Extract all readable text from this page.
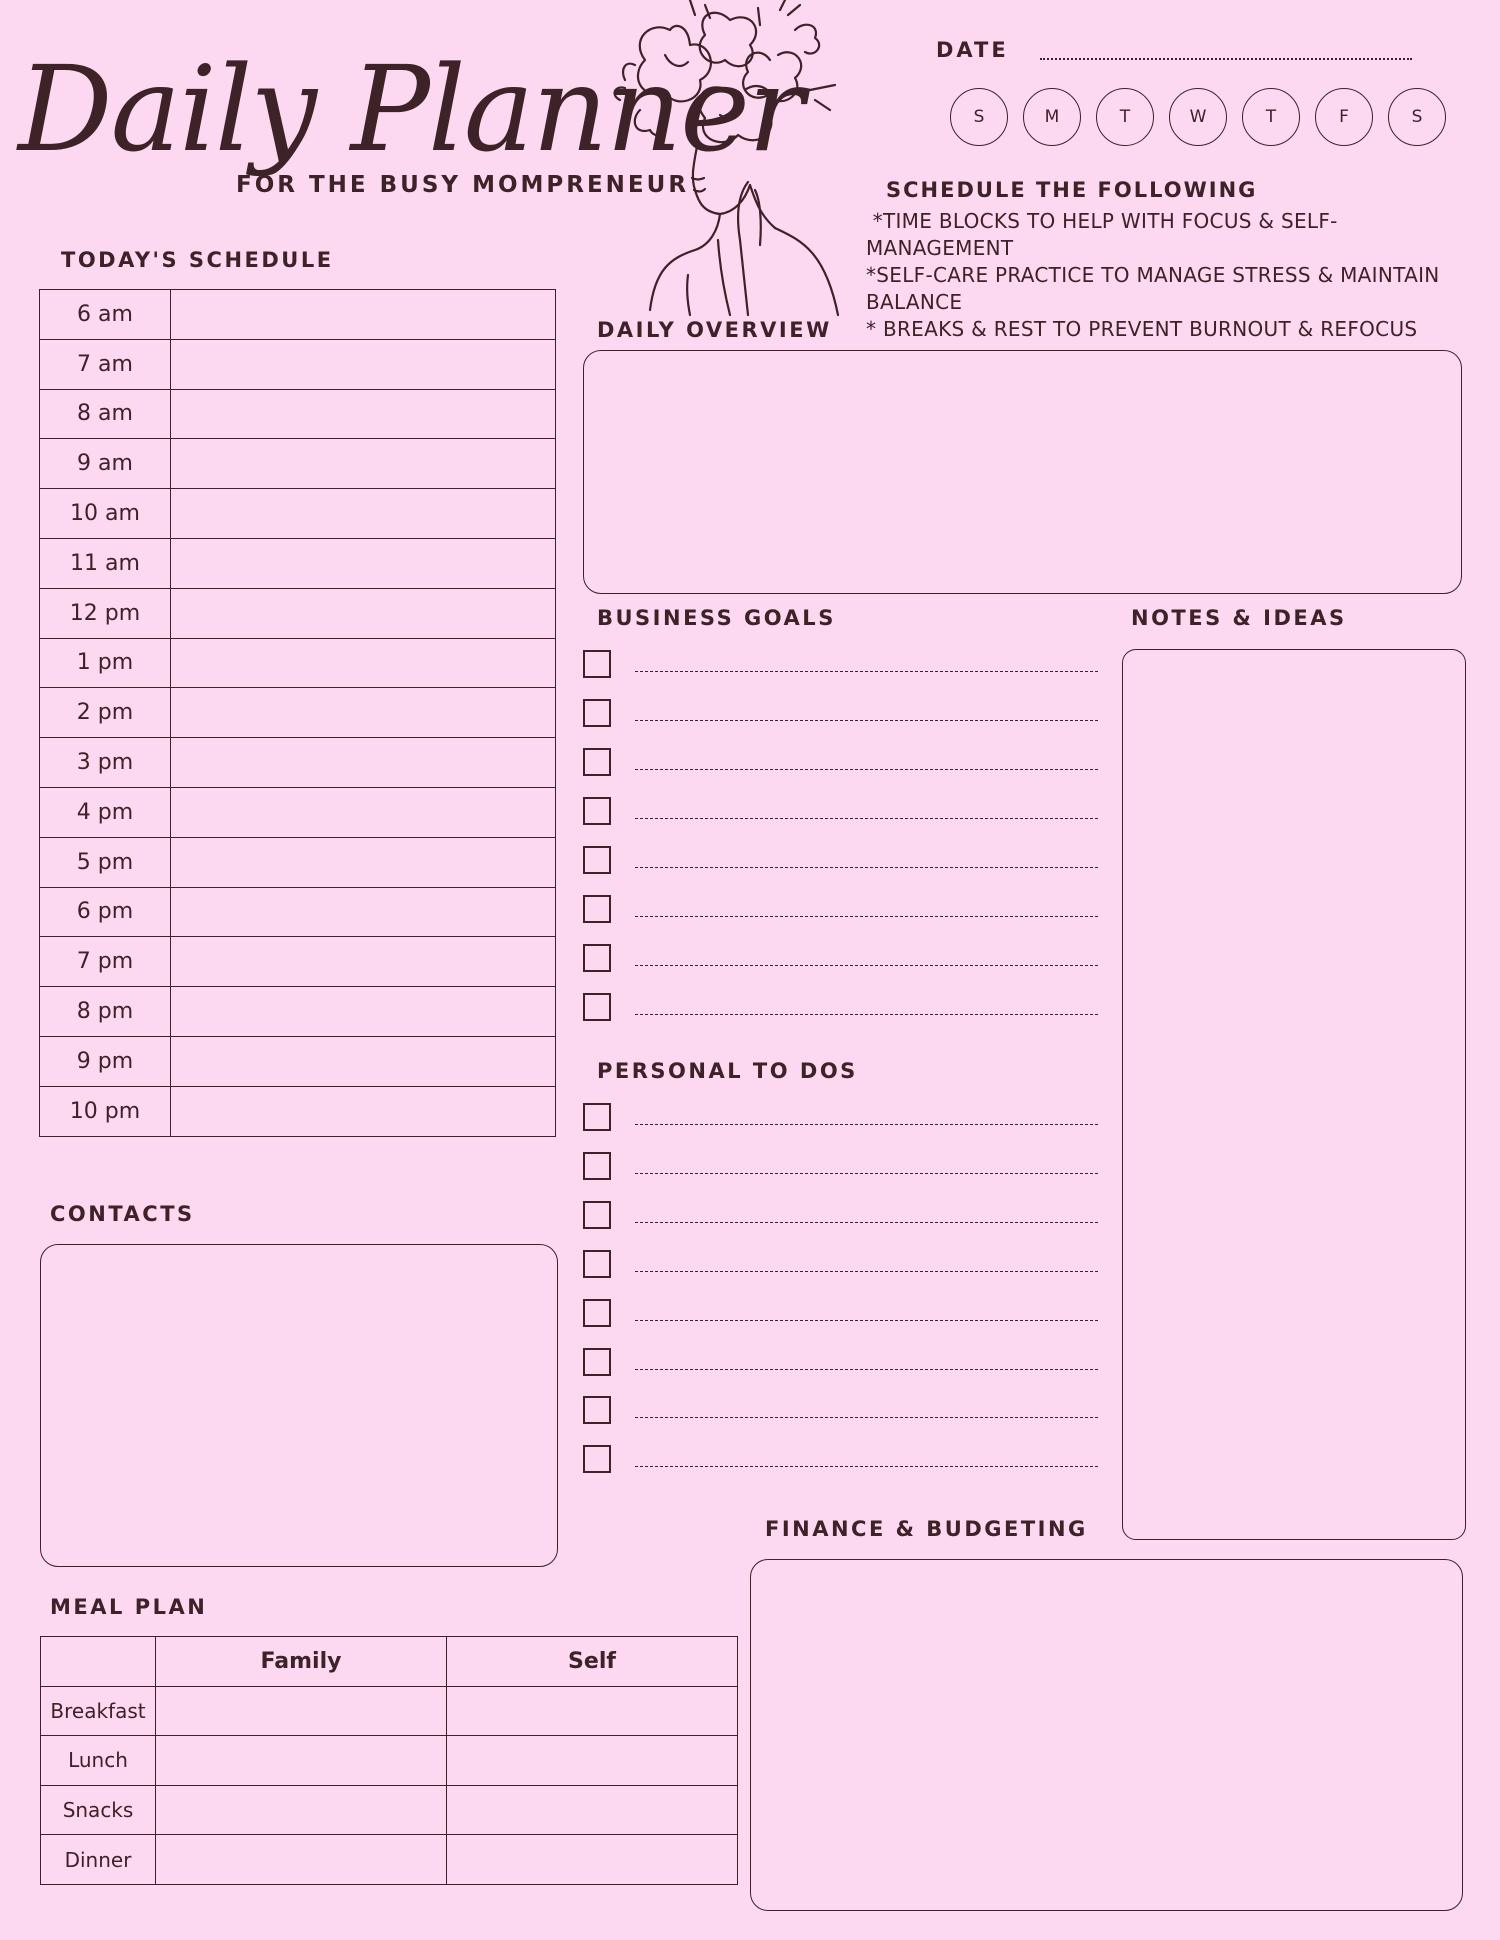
Daily Planner
FOR THE BUSY MOMPRENEUR
DATE
S	M	T	W	T	F	S
SCHEDULE THE FOLLOWING
*TIME BLOCKS TO HELP WITH FOCUS & SELF-
MANAGEMENT
*SELF-CARE PRACTICE TO MANAGE STRESS & MAINTAIN
BALANCE
* BREAKS & REST TO PREVENT BURNOUT & REFOCUS
TODAY'S SCHEDULE
6 am	
7 am	
8 am	
9 am	
10 am	
11 am	
12 pm	
1 pm	
2 pm	
3 pm	
4 pm	
5 pm	
6 pm	
7 pm	
8 pm	
9 pm	
10 pm	
DAILY OVERVIEW
BUSINESS GOALS	NOTES & IDEAS
PERSONAL TO DOS
CONTACTS
FINANCE & BUDGETING
MEAL PLAN
	Family	Self
Breakfast		
Lunch		
Snacks		
Dinner		
